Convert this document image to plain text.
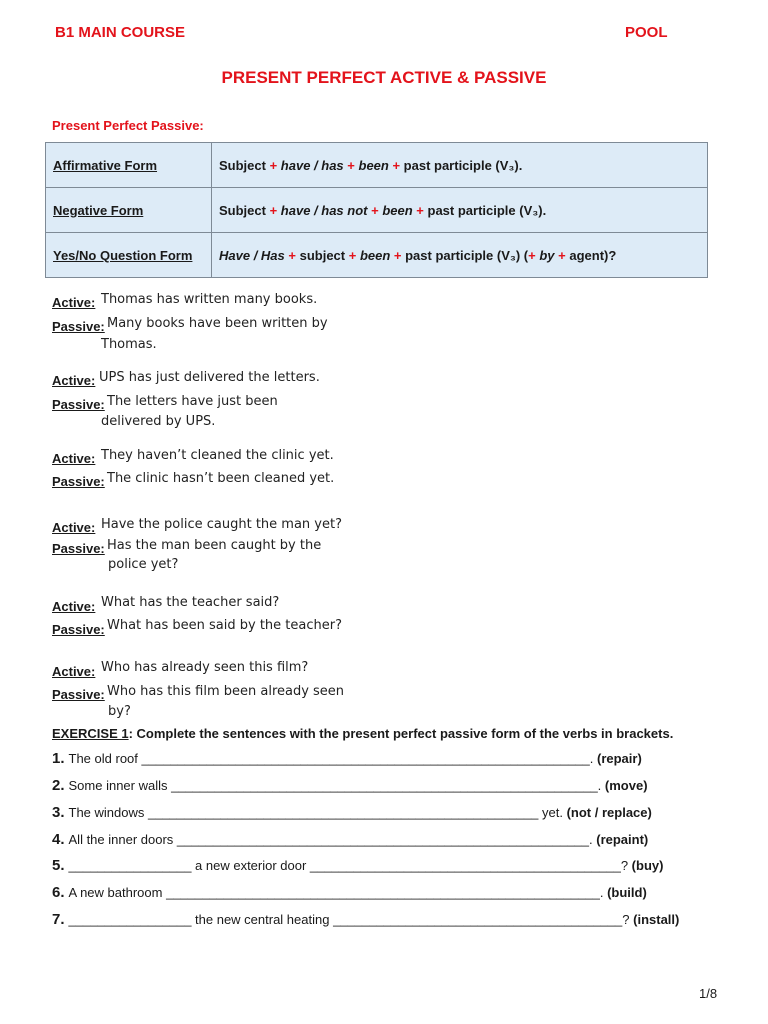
B1 MAIN COURSE	POOL
PRESENT PERFECT ACTIVE & PASSIVE
Present Perfect Passive:
Affirmative Form	Subject + have / has + been + past participle (V₃).
Negative Form	Subject + have / has not + been + past participle (V₃).
Yes/No Question Form	Have / Has + subject + been + past participle (V₃) (+ by + agent)?
Active: Thomas has written many books.
Passive: Many books have been written by
Thomas.
Active: UPS has just delivered the letters.
Passive: The letters have just been
delivered by UPS.
Active: They haven’t cleaned the clinic yet.
Passive: The clinic hasn’t been cleaned yet.
Active: Have the police caught the man yet?
Passive: Has the man been caught by the
police yet?
Active: What has the teacher said?
Passive: What has been said by the teacher?
Active: Who has already seen this film?
Passive: Who has this film been already seen
by?
EXERCISE 1: Complete the sentences with the present perfect passive form of the verbs in brackets.
1. The old roof ______________________________________________________________. (repair)
2. Some inner walls ___________________________________________________________. (move)
3. The windows ______________________________________________________ yet. (not / replace)
4. All the inner doors _________________________________________________________. (repaint)
5. _________________ a new exterior door ___________________________________________? (buy)
6. A new bathroom ____________________________________________________________. (build)
7. _________________ the new central heating ________________________________________? (install)
1/8
